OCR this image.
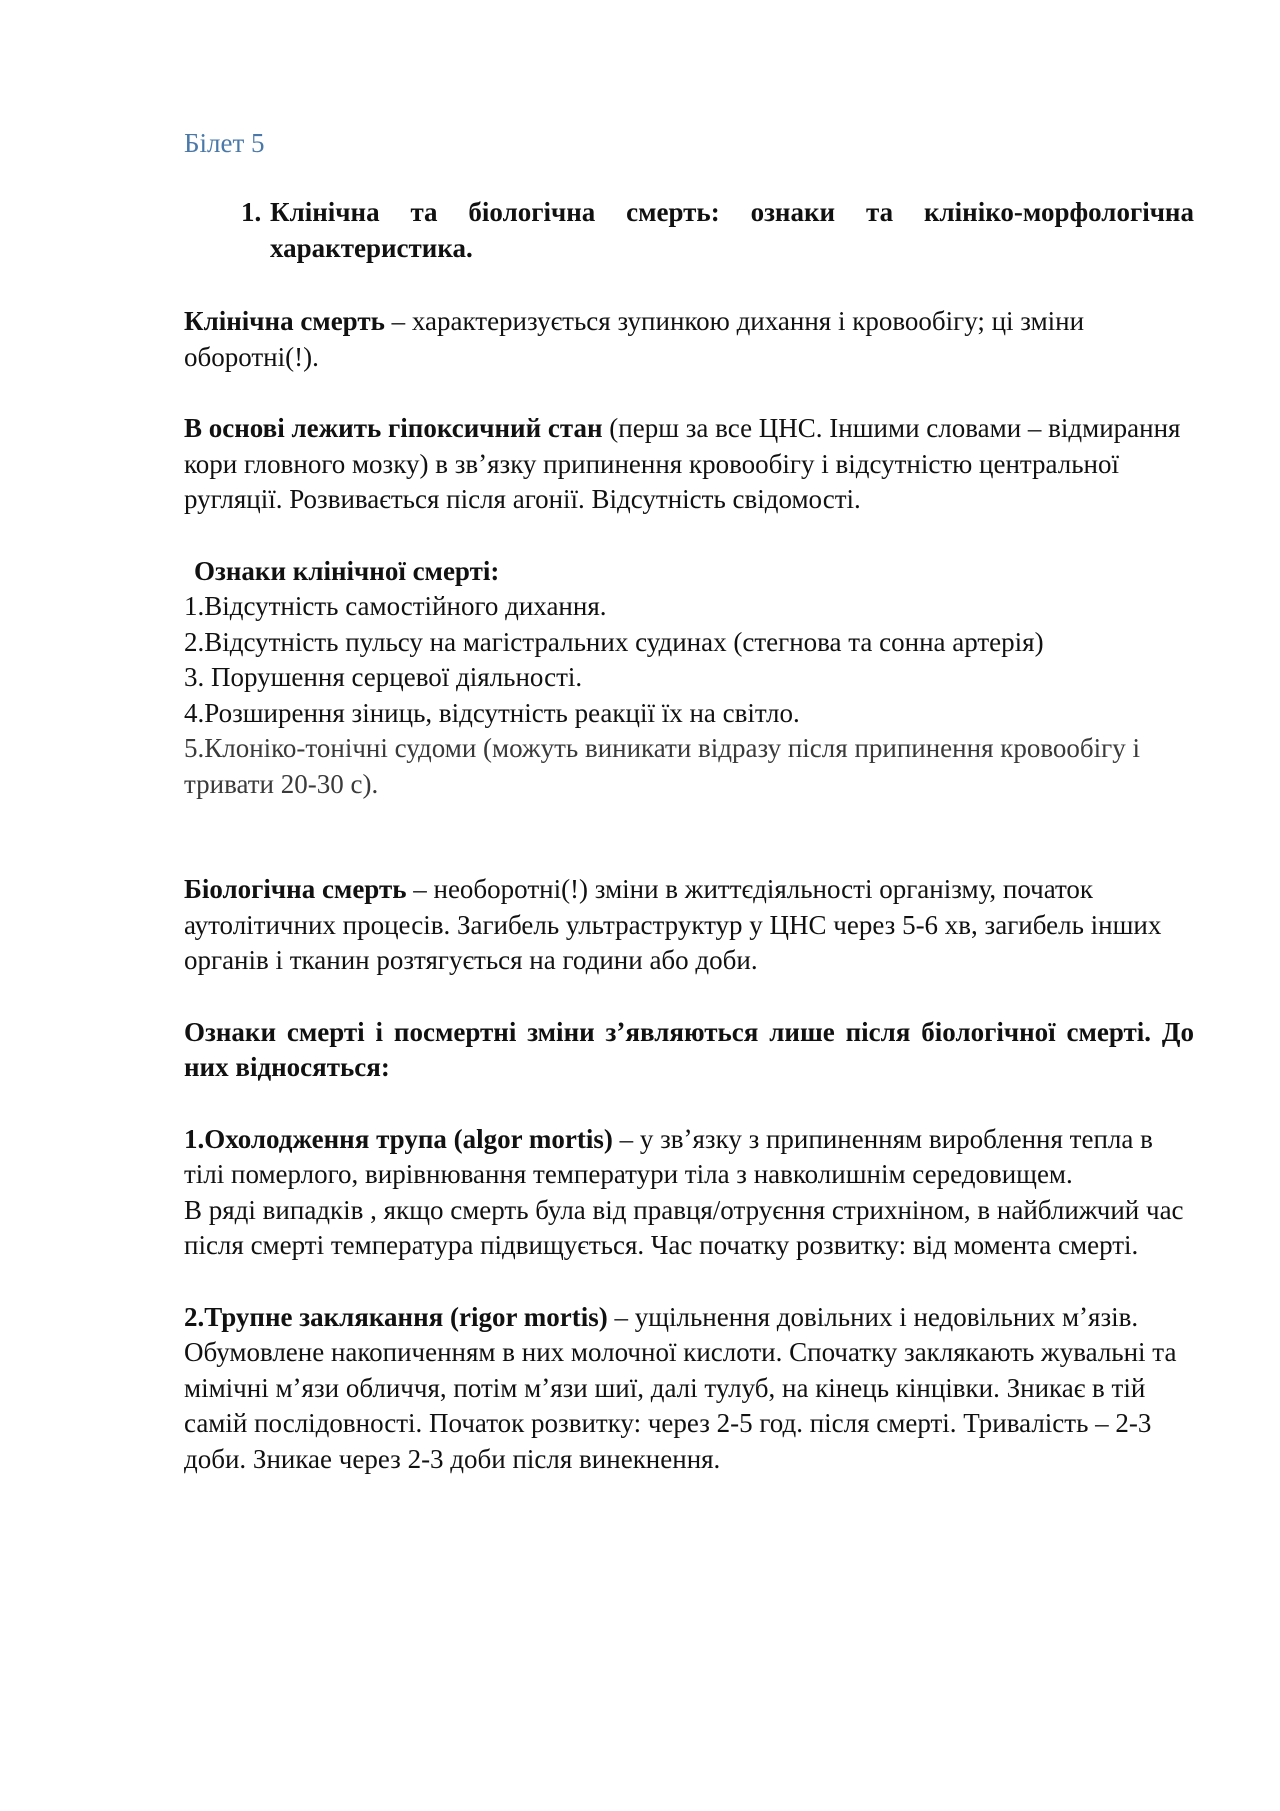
Білет 5
1. Клінічна та біологічна смерть: ознаки та клініко-морфологічна характеристика.

Клінічна смерть – характеризується зупинкою дихання і кровообігу; ці зміни оборотні(!).

В основі лежить гіпоксичний стан (перш за все ЦНС. Іншими словами – відмирання кори гловного мозку) в звʼязку припинення кровообігу і відсутністю центральної ругляції. Розвивається після агонії. Відсутність свідомості.

Ознаки клінічної смерті:
1.Відсутність самостійного дихання.
2.Відсутність пульсу на магістральних судинах (стегнова та сонна артерія)
3. Порушення серцевої діяльності.
4.Розширення зіниць, відсутність реакції їх на світло.
5.Клоніко-тонічні судоми (можуть виникати відразу після припинення кровообігу і тривати 20-30 с).

Біологічна смерть – необоротні(!) зміни в життєдіяльності організму, початок аутолітичних процесів. Загибель ультраструктур у ЦНС через 5-6 хв, загибель інших органів і тканин розтягується на години або доби.

Ознаки смерті і посмертні зміни зʼявляються лише після біологічної смерті. До них відносяться:

1.Охолодження трупа (algor mortis) – у звʼязку з припиненням вироблення тепла в тілі померлого, вирівнювання температури тіла з навколишнім середовищем.
В ряді випадків , якщо смерть була від правця/отруєння стрихніном, в найближчий час після смерті температура підвищується. Час початку розвитку: від момента смерті.

2.Трупне заклякання (rigor mortis) – ущільнення довільних і недовільних мʼязів. Обумовлене накопиченням в них молочної кислоти. Спочатку заклякають жувальні та мімічні мʼязи обличчя, потім мʼязи шиї, далі тулуб, на кінець кінцівки. Зникає в тій самій послідовності. Початок розвитку: через 2-5 год. після смерті. Тривалість – 2-3 доби. Зникае через 2-3 доби після винекнення.
